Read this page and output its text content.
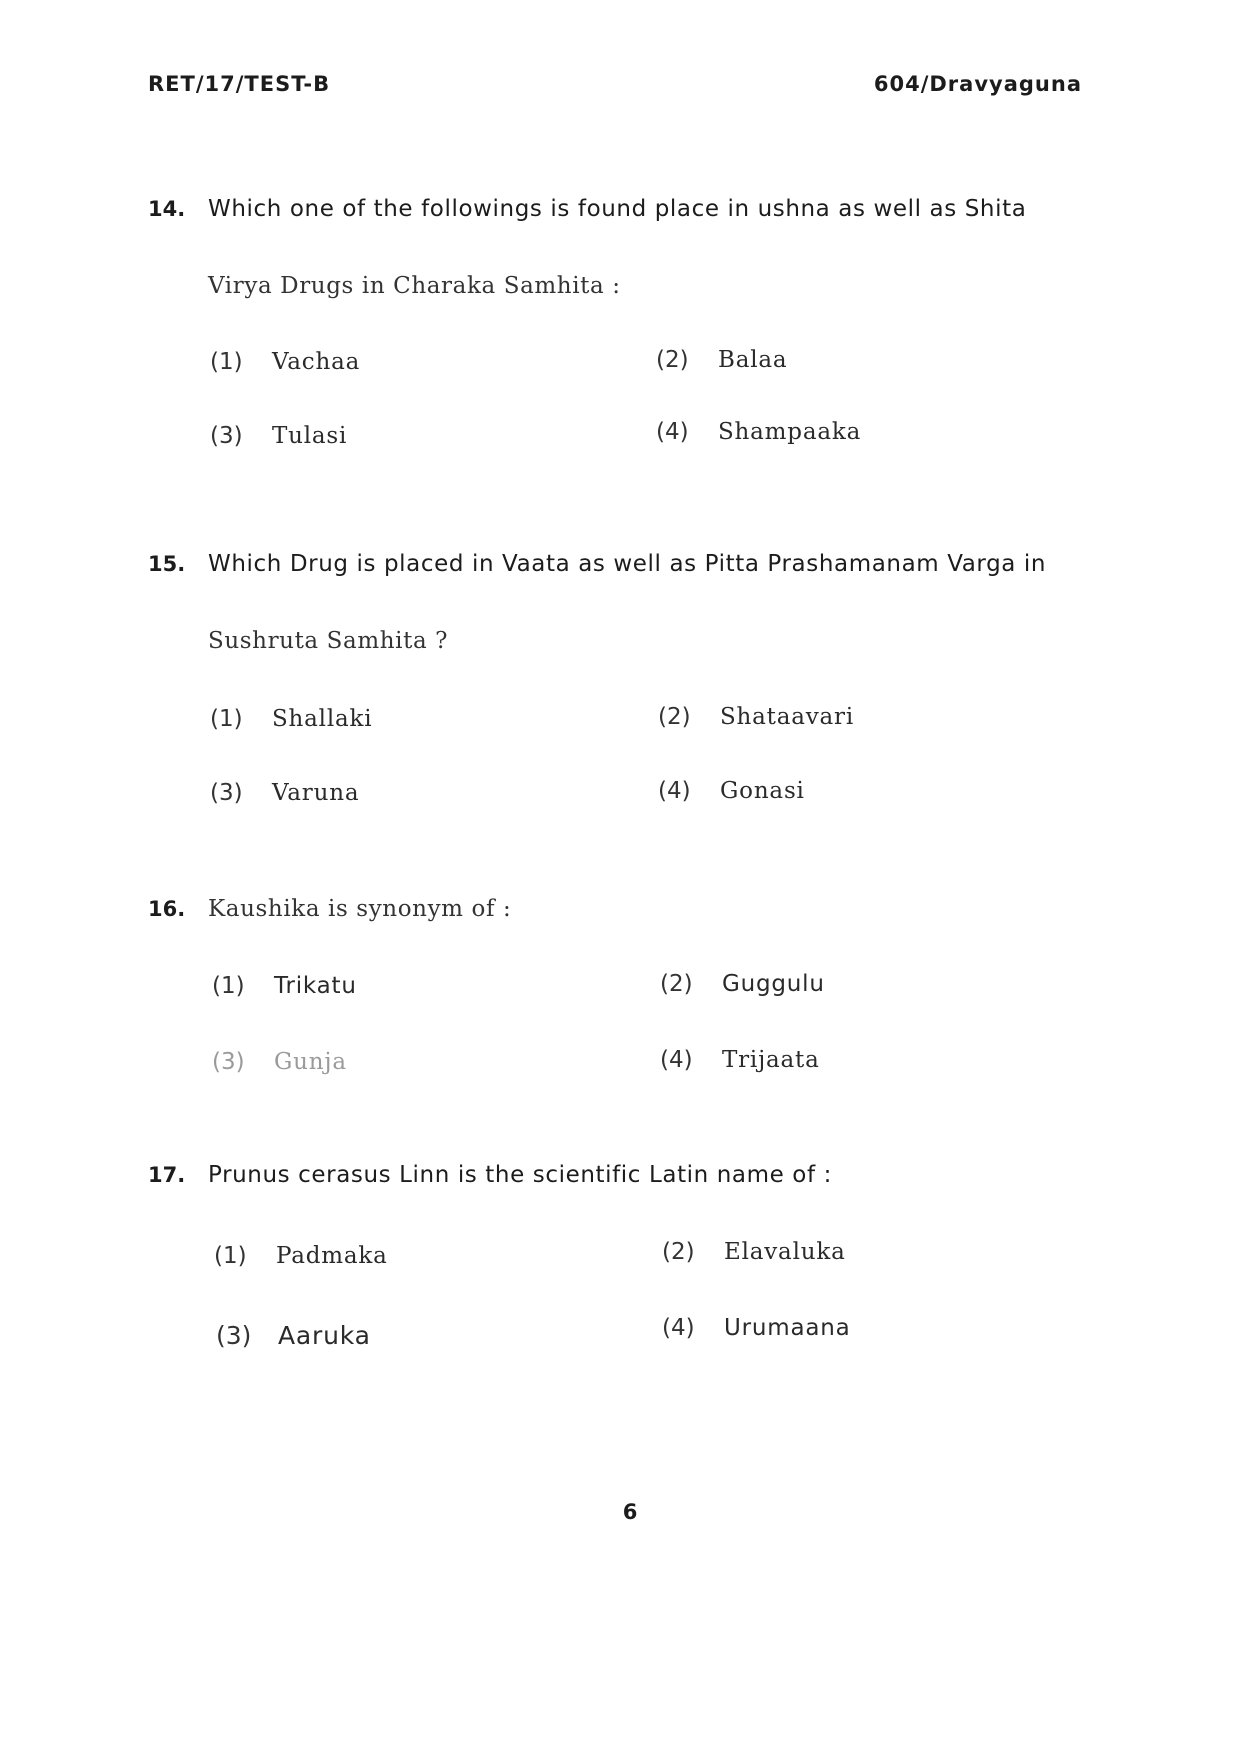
RET/17/TEST-B	604/Dravyaguna
14. Which one of the followings is found place in ushna as well as Shita
Virya Drugs in Charaka Samhita :
(1)	Vachaa	(2)	Balaa
(3)	Tulasi	(4)	Shampaaka
15. Which Drug is placed in Vaata as well as Pitta Prashamanam Varga in
Sushruta Samhita ?
(1)	Shallaki	(2)	Shataavari
(3)	Varuna	(4)	Gonasi
16. Kaushika is synonym of :
(1)	Trikatu	(2)	Guggulu
(3)	Gunja	(4)	Trijaata
17. Prunus cerasus Linn is the scientific Latin name of :
(1)	Padmaka	(2)	Elavaluka
(3)	Aaruka	(4)	Urumaana
6
